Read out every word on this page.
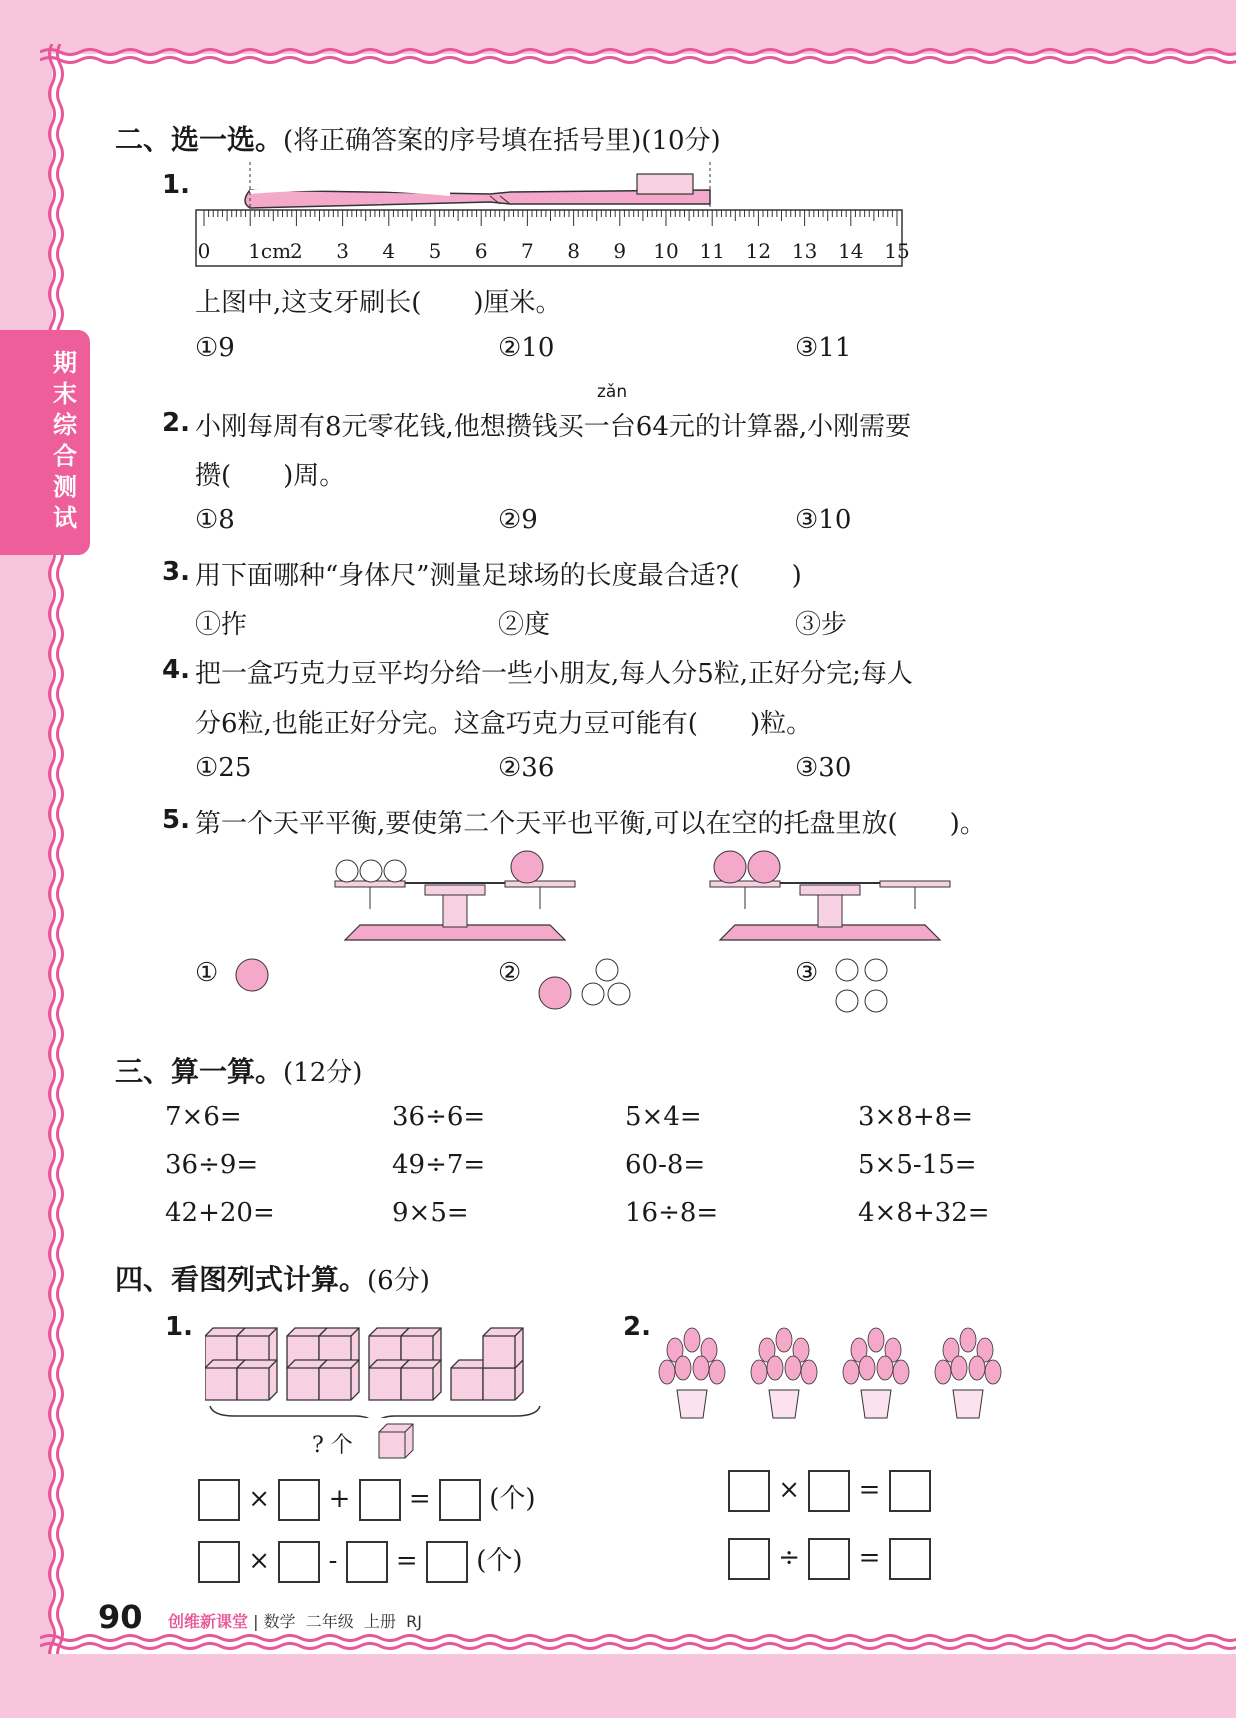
期末综合测试
二、选一选。(将正确答案的序号填在括号里)(10分)
1.
0 1cm
2 3 4 5 6 7 8 9 10 11 12 13 14 15
上图中,这支牙刷长(　　)厘米。
①9	②10	③11
zǎn
2. 小刚每周有8元零花钱,他想攒钱买一台64元的计算器,小刚需要
攒(　　)周。
①8	②9	③10
3. 用下面哪种“身体尺”测量足球场的长度最合适?(　　)
①拃	②度	③步
4. 把一盒巧克力豆平均分给一些小朋友,每人分5粒,正好分完;每人
分6粒,也能正好分完。这盒巧克力豆可能有(　　)粒。
①25	②36	③30
5. 第一个天平平衡,要使第二个天平也平衡,可以在空的托盘里放(　　)。
①	②	③
三、算一算。(12分)
7×6=	36÷6=	5×4=	3×8+8=
36÷9=	49÷7=	60-8=	5×5-15=
42+20=	9×5=	16÷8=	4×8+32=
四、看图列式计算。(6分)
1.
? 个
× + = (个)
× - = (个)
2.
× =
÷ =
90 创维新课堂 | 数学 二年级 上册 RJ
